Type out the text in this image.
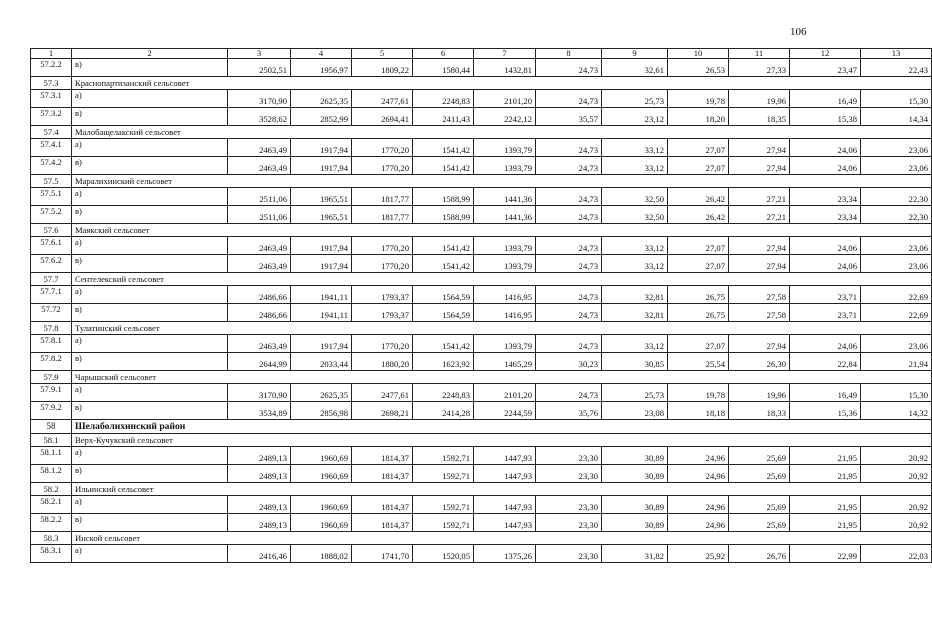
106
1	2	3	4	5	6	7	8	9	10	11	12	13
57.2.2	в)	2502,51	1956,97	1809,22	1580,44	1432,81	24,73	32,61	26,53	27,33	23,47	22,43
57.3	Краснопартизанский сельсовет											
57.3.1	а)	3170,90	2625,35	2477,61	2248,83	2101,20	24,73	25,73	19,78	19,96	16,49	15,30
57.3.2	в)	3528,62	2852,99	2694,41	2411,43	2242,12	35,57	23,12	18,20	18,35	15,38	14,34
57.4	Малобащелакский сельсовет											
57.4.1	а)	2463,49	1917,94	1770,20	1541,42	1393,79	24,73	33,12	27,07	27,94	24,06	23,06
57.4.2	в)	2463,49	1917,94	1770,20	1541,42	1393,79	24,73	33,12	27,07	27,94	24,06	23,06
57.5	Маралихинский сельсовет											
57.5.1	а)	2511,06	1965,51	1817,77	1588,99	1441,36	24,73	32,50	26,42	27,21	23,34	22,30
57.5.2	в)	2511,06	1965,51	1817,77	1588,99	1441,36	24,73	32,50	26,42	27,21	23,34	22,30
57.6	Маякский сельсовет											
57.6.1	а)	2463,49	1917,94	1770,20	1541,42	1393,79	24,73	33,12	27,07	27,94	24,06	23,06
57.6.2	в)	2463,49	1917,94	1770,20	1541,42	1393,79	24,73	33,12	27,07	27,94	24,06	23,06
57.7	Сентелекский сельсовет											
57.7.1	а)	2486,66	1941,11	1793,37	1564,59	1416,95	24,73	32,81	26,75	27,58	23,71	22,69
57.72	в)	2486,66	1941,11	1793,37	1564,59	1416,95	24,73	32,81	26,75	27,58	23,71	22,69
57.8	Тулатинский сельсовет											
57.8.1	а)	2463,49	1917,94	1770,20	1541,42	1393,79	24,73	33,12	27,07	27,94	24,06	23,06
57.8.2	в)	2644,99	2033,44	1880,20	1623,92	1465,29	30,23	30,85	25,54	26,30	22,84	21,94
57.9	Чарышский сельсовет											
57.9.1	а)	3170,90	2625,35	2477,61	2248,83	2101,20	24,73	25,73	19,78	19,96	16,49	15,30
57.9.2	в)	3534,89	2856,98	2698,21	2414,28	2244,59	35,76	23,08	18,18	18,33	15,36	14,32
58	Шелаболихинский район											
58.1	Верх-Кучукский сельсовет											
58.1.1	а)	2489,13	1960,69	1814,37	1592,71	1447,93	23,30	30,89	24,96	25,69	21,95	20,92
58.1.2	в)	2489,13	1960,69	1814,37	1592,71	1447,93	23,30	30,89	24,96	25,69	21,95	20,92
58.2	Ильинский сельсовет											
58.2.1	а)	2489,13	1960,69	1814,37	1592,71	1447,93	23,30	30,89	24,96	25,69	21,95	20,92
58.2.2	в)	2489,13	1960,69	1814,37	1592,71	1447,93	23,30	30,89	24,96	25,69	21,95	20,92
58.3	Инской сельсовет											
58.3.1	а)	2416,46	1888,02	1741,70	1520,05	1375,26	23,30	31,82	25,92	26,76	22,99	22,03
